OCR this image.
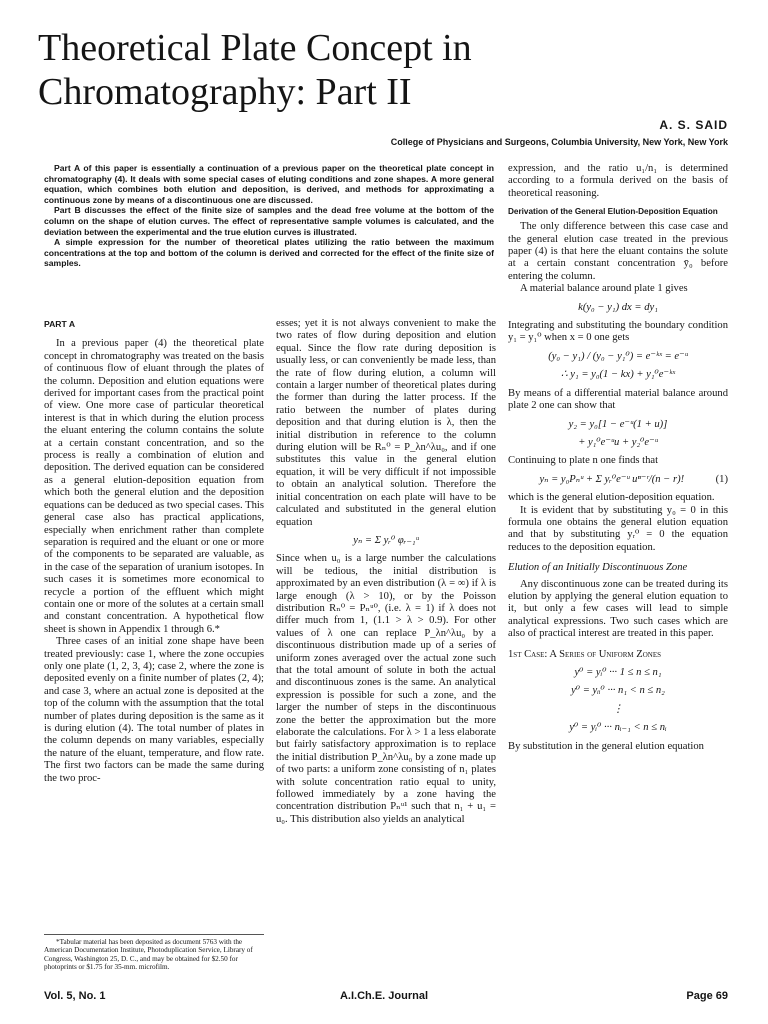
Theoretical Plate Concept in Chromatography: Part II
A. S. SAID
College of Physicians and Surgeons, Columbia University, New York, New York

Part A of this paper is essentially a continuation of a previous paper on the theoretical plate concept in chromatography (4). It deals with some special cases of eluting conditions and zone shapes. A more general equation, which combines both elution and deposition, is derived, and methods for approximating a continuous zone by means of a discontinuous one are discussed.

Part B discusses the effect of the finite size of samples and the dead free volume at the bottom of the column on the shape of elution curves. The effect of representative sample volumes is calculated, and the deviation between the experimental and the true elution curves is illustrated.

A simple expression for the number of theoretical plates utilizing the ratio between the maximum concentrations at the top and bottom of the column is derived and corrected for the effect of the finite size of samples.

PART A

In a previous paper (4) the theoretical plate concept in chromatography was treated on the basis of continuous flow of eluant through the plates of the column. Deposition and elution equations were derived for important cases from the practical point of view. One more case of particular theoretical interest is that in which during the elution process the eluant entering the column contains the solute at a certain constant concentration, and so the process is really a combination of elution and deposition. The derived equation can be considered as a general elution-deposition equation from which both the general elution and the deposition equations can be deduced as two special cases. This general case also has practical applications, especially when enrichment rather than complete separation is required and the eluant or one or more of the components to be separated are valuable, as in the case of the separation of uranium isotopes. In such cases it is sometimes more economical to recycle a portion of the effluent which might contain one or more of the solutes at a certain small and constant concentration. A hypothetical flow sheet is shown in Appendix 1 through 6.*

Three cases of an initial zone shape have been treated previously: case 1, where the zone occupies only one plate (1, 2, 3, 4); case 2, where the zone is deposited evenly on a finite number of plates (2, 4); and case 3, where an actual zone is deposited at the top of the column with the assumption that the total number of plates during deposition is the same as it is during elution (4). The total number of plates in the column depends on many variables, especially the nature of the eluant, temperature, and flow rate. The first two factors can be made the same during the two proc-

*Tabular material has been deposited as document 5763 with the American Documentation Institute, Photoduplication Service, Library of Congress, Washington 25, D. C., and may be obtained for $2.50 for photoprints or $1.75 for 35-mm. microfilm.

esses; yet it is not always convenient to make the two rates of flow during deposition and elution equal. Since the flow rate during deposition is usually less, or can conveniently be made less, than the rate of flow during elution, a column will contain a larger number of theoretical plates during the former than during the latter process. If the ratio between the number of plates during deposition and that during elution is λ, then the initial distribution in reference to the column during elution will be Rₙ⁰ = P_λn^λu₀, and if one substitutes this value in the general elution equation, it will be very difficult if not impossible to obtain an analytical solution. Therefore the initial concentration on each plate will have to be calculated and substituted in the general elution equation

yₙ = Σ yᵣ⁰ φᵣ₋₁ᵘ

Since when u₀ is a large number the calculations will be tedious, the initial distribution is approximated by an even distribution (λ = ∞) if λ is large enough (λ > 10), or by the Poisson distribution Rₙ⁰ = Pₙᵘ⁰, (i.e. λ = 1) if λ does not differ much from 1, (1.1 > λ > 0.9). For other values of λ one can replace P_λn^λu₀ by a discontinuous distribution made up of a series of uniform zones averaged over the actual zone such that the total amount of solute in both the actual and discontinuous zones is the same. An analytical expression is possible for such a zone, and the larger the number of steps in the discontinuous zone the better the approximation but the more elaborate the calculations. For λ > 1 a less elaborate but fairly satisfactory approximation is to replace the initial distribution P_λn^λu₀ by a zone made up of two parts: a uniform zone consisting of n₁ plates with solute concentration ratio equal to unity, followed immediately by a zone having the concentration distribution Pₙᵘ¹ such that n₁ + u₁ = u₀. This distribution also yields an analytical

expression, and the ratio u₁/n₁ is determined according to a formula derived on the basis of theoretical reasoning.

Derivation of the General Elution-Deposition Equation

The only difference between this case case and the general elution case treated in the previous paper (4) is that here the eluant contains the solute at a certain constant concentration ȳ₀ before entering the column.

A material balance around plate 1 gives

k(y₀ − y₁) dx = dy₁

Integrating and substituting the boundary condition y₁ = y₁⁰ when x = 0 one gets

(y₀ − y₁) / (y₀ − y₁⁰) = e⁻ᵏˣ = e⁻ᵘ
∴ y₁ = y₀(1 − kx) + y₁⁰e⁻ᵏˣ

By means of a differential material balance around plate 2 one can show that

y₂ = y₀[1 − e⁻ᵘ(1 + u)]
+ y₁⁰e⁻ᵘu + y₂⁰e⁻ᵘ

Continuing to plate n one finds that

(1)
yₙ = y₀Pₙᵘ + Σ yᵣ⁰e⁻ᵘ uⁿ⁻ʳ/(n − r)!

which is the general elution-deposition equation.

It is evident that by substituting y₀ = 0 in this formula one obtains the general elution equation and that by substituting yᵣ⁰ = 0 the equation reduces to the deposition equation.

Elution of an Initially Discontinuous Zone

Any discontinuous zone can be treated during its elution by applying the general elution equation to it, but only a few cases will lead to simple analytical expressions. Two such cases which are also of practical interest are treated in this paper.

1st Case: A Series of Uniform Zones
y⁰ = yᵢ⁰ ··· 1 ≤ n ≤ n₁
y⁰ = yᵢᵢ⁰ ··· n₁ < n ≤ n₂
⋮
y⁰ = yᵢ⁰ ··· nᵢ₋₁ < n ≤ nᵢ

By substitution in the general elution equation

Vol. 5, No. 1	A.I.Ch.E. Journal	Page 69
